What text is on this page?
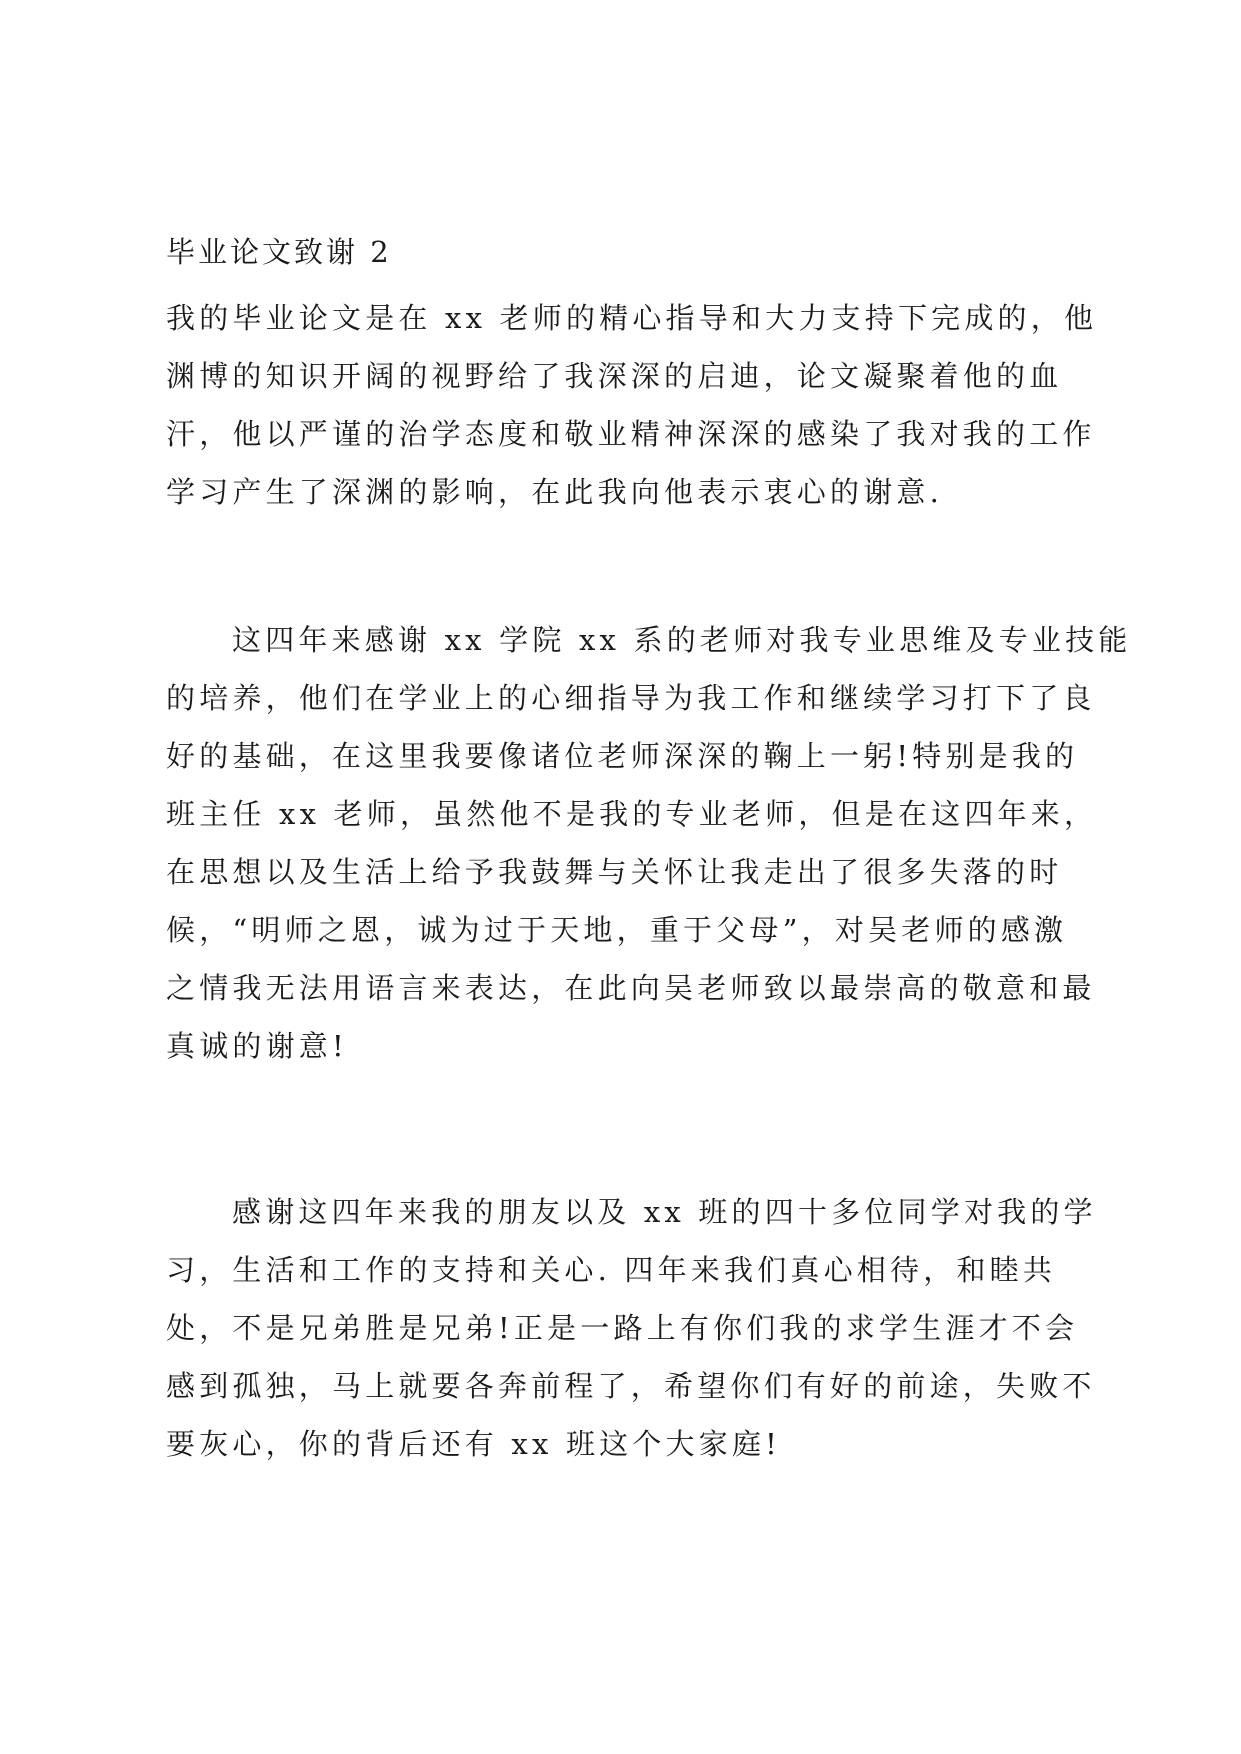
毕业论文致谢 2
我的毕业论文是在 xx 老师的精心指导和大力支持下完成的，他
渊博的知识开阔的视野给了我深深的启迪，论文凝聚着他的血
汗，他以严谨的治学态度和敬业精神深深的感染了我对我的工作
学习产生了深渊的影响，在此我向他表示衷心的谢意.
这四年来感谢 xx 学院 xx 系的老师对我专业思维及专业技能
的培养，他们在学业上的心细指导为我工作和继续学习打下了良
好的基础，在这里我要像诸位老师深深的鞠上一躬!特别是我的
班主任 xx 老师，虽然他不是我的专业老师，但是在这四年来，
在思想以及生活上给予我鼓舞与关怀让我走出了很多失落的时
候，“明师之恩，诚为过于天地，重于父母”，对吴老师的感激
之情我无法用语言来表达，在此向吴老师致以最崇高的敬意和最
真诚的谢意!
感谢这四年来我的朋友以及 xx 班的四十多位同学对我的学
习，生活和工作的支持和关心. 四年来我们真心相待，和睦共
处，不是兄弟胜是兄弟!正是一路上有你们我的求学生涯才不会
感到孤独，马上就要各奔前程了，希望你们有好的前途，失败不
要灰心，你的背后还有 xx 班这个大家庭!
